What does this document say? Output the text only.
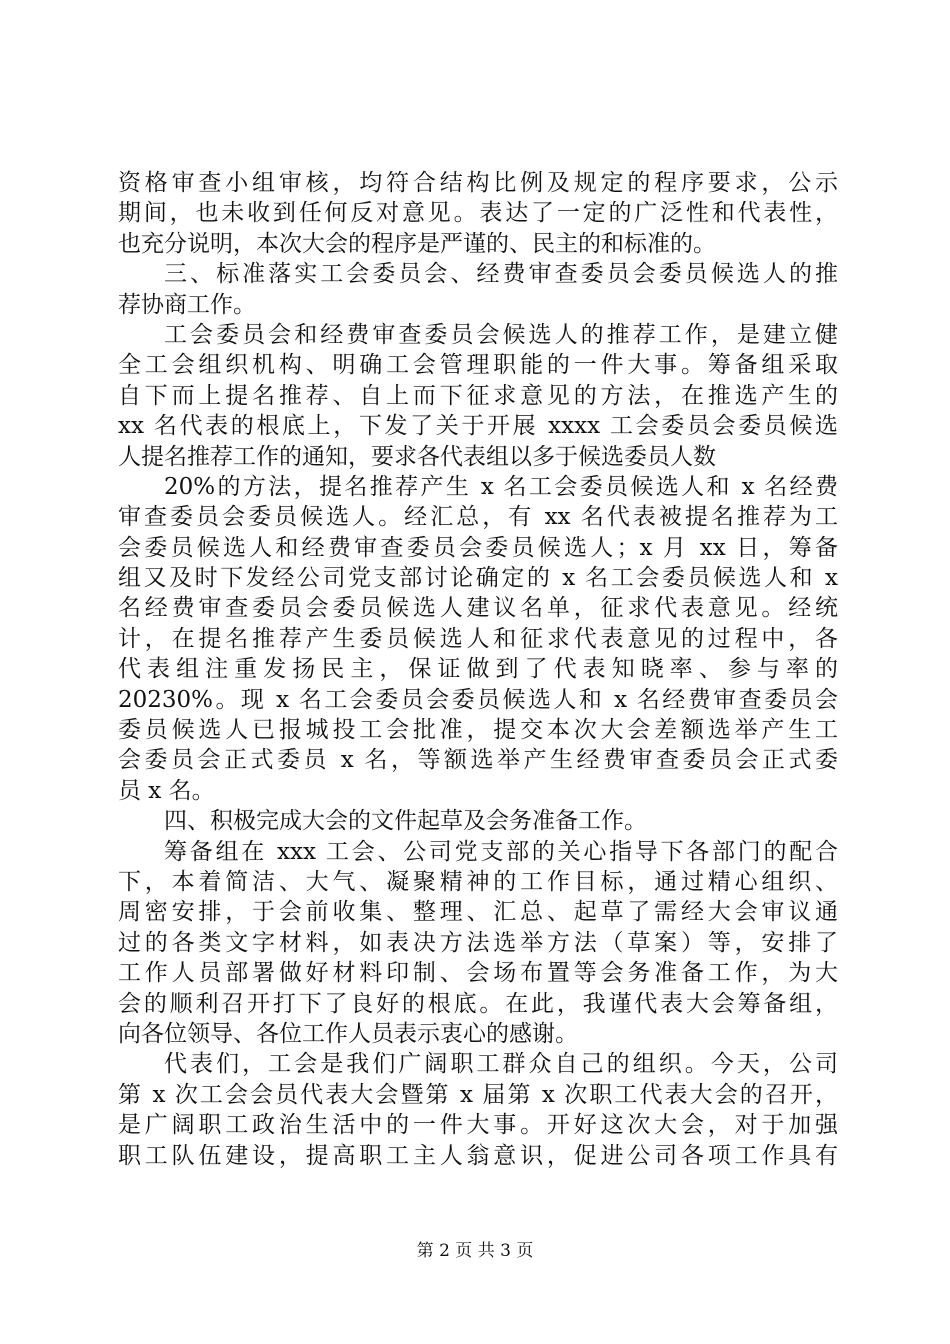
资格审查小组审核，均符合结构比例及规定的程序要求，公示
期间，也未收到任何反对意见。表达了一定的广泛性和代表性，
也充分说明，本次大会的程序是严谨的、民主的和标准的。
三、标准落实工会委员会、经费审查委员会委员候选人的推
荐协商工作。
工会委员会和经费审查委员会候选人的推荐工作，是建立健
全工会组织机构、明确工会管理职能的一件大事。筹备组采取
自下而上提名推荐、自上而下征求意见的方法，在推选产生的
xx 名代表的根底上，下发了关于开展 xxxx 工会委员会委员候选
人提名推荐工作的通知，要求各代表组以多于候选委员人数
20%的方法，提名推荐产生 x 名工会委员候选人和 x 名经费
审查委员会委员候选人。经汇总，有 xx 名代表被提名推荐为工
会委员候选人和经费审查委员会委员候选人；x 月 xx 日，筹备
组又及时下发经公司党支部讨论确定的 x 名工会委员候选人和 x
名经费审查委员会委员候选人建议名单，征求代表意见。经统
计，在提名推荐产生委员候选人和征求代表意见的过程中，各
代表组注重发扬民主，保证做到了代表知晓率、参与率的
20230%。现 x 名工会委员会委员候选人和 x 名经费审查委员会
委员候选人已报城投工会批准，提交本次大会差额选举产生工
会委员会正式委员 x 名，等额选举产生经费审查委员会正式委
员 x 名。
四、积极完成大会的文件起草及会务准备工作。
筹备组在 xxx 工会、公司党支部的关心指导下各部门的配合
下，本着简洁、大气、凝聚精神的工作目标，通过精心组织、
周密安排，于会前收集、整理、汇总、起草了需经大会审议通
过的各类文字材料，如表决方法选举方法（草案）等，安排了
工作人员部署做好材料印制、会场布置等会务准备工作，为大
会的顺利召开打下了良好的根底。在此，我谨代表大会筹备组，
向各位领导、各位工作人员表示衷心的感谢。
代表们，工会是我们广阔职工群众自己的组织。今天，公司
第 x 次工会会员代表大会暨第 x 届第 x 次职工代表大会的召开，
是广阔职工政治生活中的一件大事。开好这次大会，对于加强
职工队伍建设，提高职工主人翁意识，促进公司各项工作具有
第 2 页 共 3 页
